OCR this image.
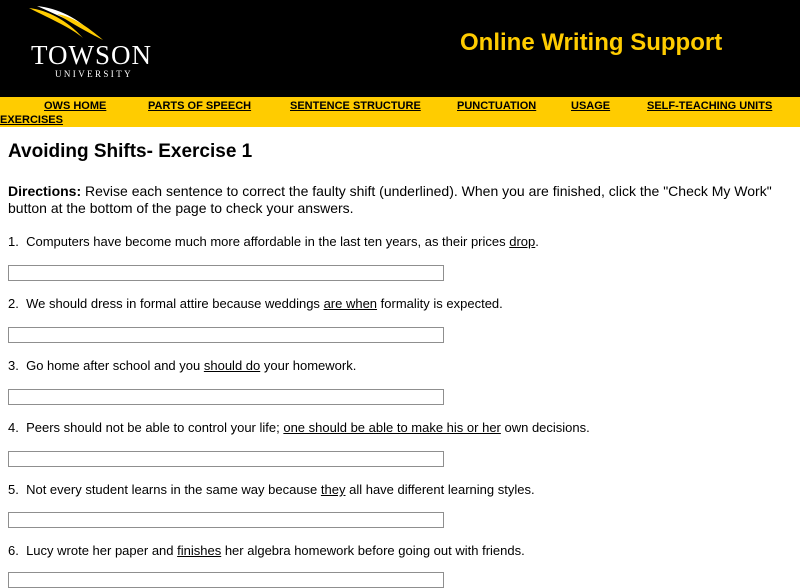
TOWSON
UNIVERSITY
Online Writing Support
OWS HOME	PARTS OF SPEECH	SENTENCE STRUCTURE	PUNCTUATION	USAGE	SELF-TEACHING UNITS
EXERCISES
Avoiding Shifts- Exercise 1
Directions: Revise each sentence to correct the faulty shift (underlined). When you are finished, click the "Check My Work" button at the bottom of the page to check your answers.
1. Computers have become much more affordable in the last ten years, as their prices drop.
2. We should dress in formal attire because weddings are when formality is expected.
3. Go home after school and you should do your homework.
4. Peers should not be able to control your life; one should be able to make his or her own decisions.
5. Not every student learns in the same way because they all have different learning styles.
6. Lucy wrote her paper and finishes her algebra homework before going out with friends.
